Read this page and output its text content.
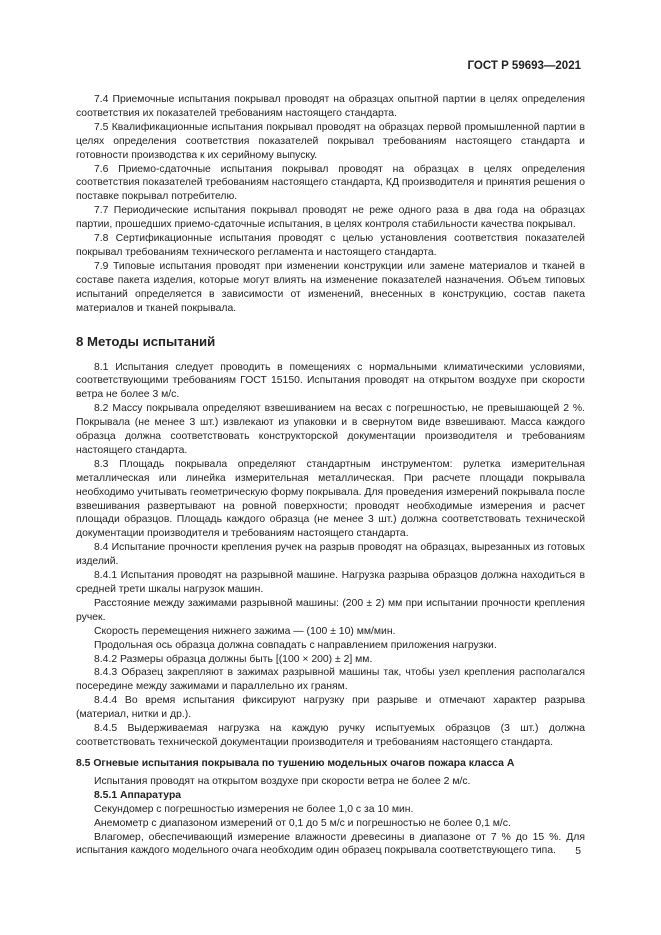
ГОСТ Р 59693—2021

7.4 Приемочные испытания покрывал проводят на образцах опытной партии в целях определения соответствия их показателей требованиям настоящего стандарта.

7.5 Квалификационные испытания покрывал проводят на образцах первой промышленной партии в целях определения соответствия показателей покрывал требованиям настоящего стандарта и готовности производства к их серийному выпуску.

7.6 Приемо-сдаточные испытания покрывал проводят на образцах в целях определения соответствия показателей требованиям настоящего стандарта, КД производителя и принятия решения о поставке покрывал потребителю.

7.7 Периодические испытания покрывал проводят не реже одного раза в два года на образцах партии, прошедших приемо-сдаточные испытания, в целях контроля стабильности качества покрывал.

7.8 Сертификационные испытания проводят с целью установления соответствия показателей покрывал требованиям технического регламента и настоящего стандарта.

7.9 Типовые испытания проводят при изменении конструкции или замене материалов и тканей в составе пакета изделия, которые могут влиять на изменение показателей назначения. Объем типовых испытаний определяется в зависимости от изменений, внесенных в конструкцию, состав пакета материалов и тканей покрывала.

8 Методы испытаний

8.1 Испытания следует проводить в помещениях с нормальными климатическими условиями, соответствующими требованиям ГОСТ 15150. Испытания проводят на открытом воздухе при скорости ветра не более 3 м/с.

8.2 Массу покрывала определяют взвешиванием на весах с погрешностью, не превышающей 2 %. Покрывала (не менее 3 шт.) извлекают из упаковки и в свернутом виде взвешивают. Масса каждого образца должна соответствовать конструкторской документации производителя и требованиям настоящего стандарта.

8.3 Площадь покрывала определяют стандартным инструментом: рулетка измерительная металлическая или линейка измерительная металлическая. При расчете площади покрывала необходимо учитывать геометрическую форму покрывала. Для проведения измерений покрывала после взвешивания развертывают на ровной поверхности; проводят необходимые измерения и расчет площади образцов. Площадь каждого образца (не менее 3 шт.) должна соответствовать технической документации производителя и требованиям настоящего стандарта.

8.4 Испытание прочности крепления ручек на разрыв проводят на образцах, вырезанных из готовых изделий.

8.4.1 Испытания проводят на разрывной машине. Нагрузка разрыва образцов должна находиться в средней трети шкалы нагрузок машин.

Расстояние между зажимами разрывной машины: (200 ± 2) мм при испытании прочности крепления ручек.

Скорость перемещения нижнего зажима — (100 ± 10) мм/мин.

Продольная ось образца должна совпадать с направлением приложения нагрузки.

8.4.2 Размеры образца должны быть [(100 × 200) ± 2] мм.

8.4.3 Образец закрепляют в зажимах разрывной машины так, чтобы узел крепления располагался посередине между зажимами и параллельно их граням.

8.4.4 Во время испытания фиксируют нагрузку при разрыве и отмечают характер разрыва (материал, нитки и др.).

8.4.5 Выдерживаемая нагрузка на каждую ручку испытуемых образцов (3 шт.) должна соответствовать технической документации производителя и требованиям настоящего стандарта.

8.5 Огневые испытания покрывала по тушению модельных очагов пожара класса А

Испытания проводят на открытом воздухе при скорости ветра не более 2 м/с.

8.5.1 Аппаратура

Секундомер с погрешностью измерения не более 1,0 с за 10 мин.

Анемометр с диапазоном измерений от 0,1 до 5 м/с и погрешностью не более 0,1 м/с.

Влагомер, обеспечивающий измерение влажности древесины в диапазоне от 7 % до 15 %. Для испытания каждого модельного очага необходим один образец покрывала соответствующего типа.	5
